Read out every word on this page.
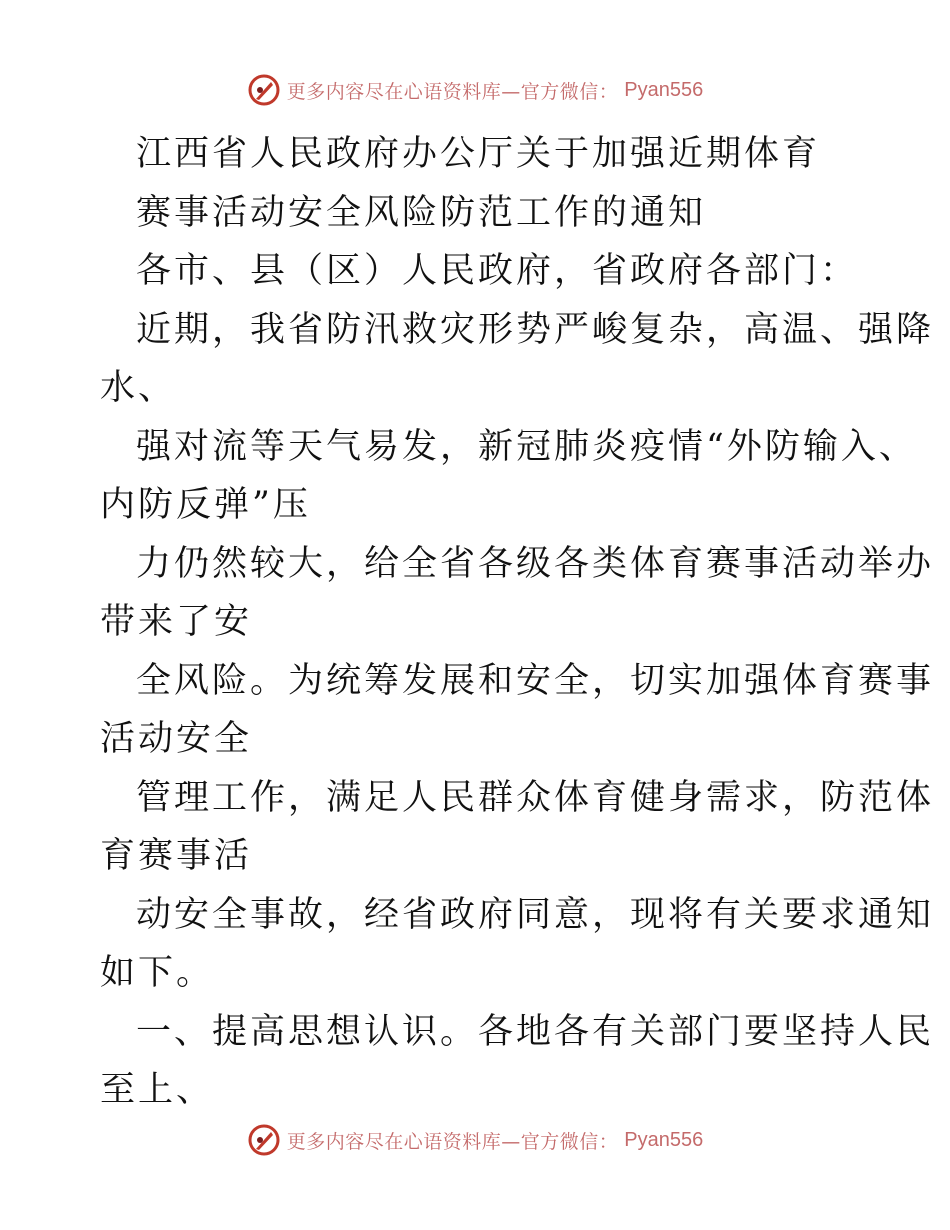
更多内容尽在心语资料库—官方微信： Pyan556
江西省人民政府办公厅关于加强近期体育
赛事活动安全风险防范工作的通知
各市、县（区）人民政府，省政府各部门：
近期，我省防汛救灾形势严峻复杂，高温、强降
水、
强对流等天气易发，新冠肺炎疫情“外防输入、
内防反弹”压
力仍然较大，给全省各级各类体育赛事活动举办
带来了安
全风险。为统筹发展和安全，切实加强体育赛事
活动安全
管理工作，满足人民群众体育健身需求，防范体
育赛事活
动安全事故，经省政府同意，现将有关要求通知
如下。
一、提高思想认识。各地各有关部门要坚持人民
至上、
更多内容尽在心语资料库—官方微信： Pyan556
